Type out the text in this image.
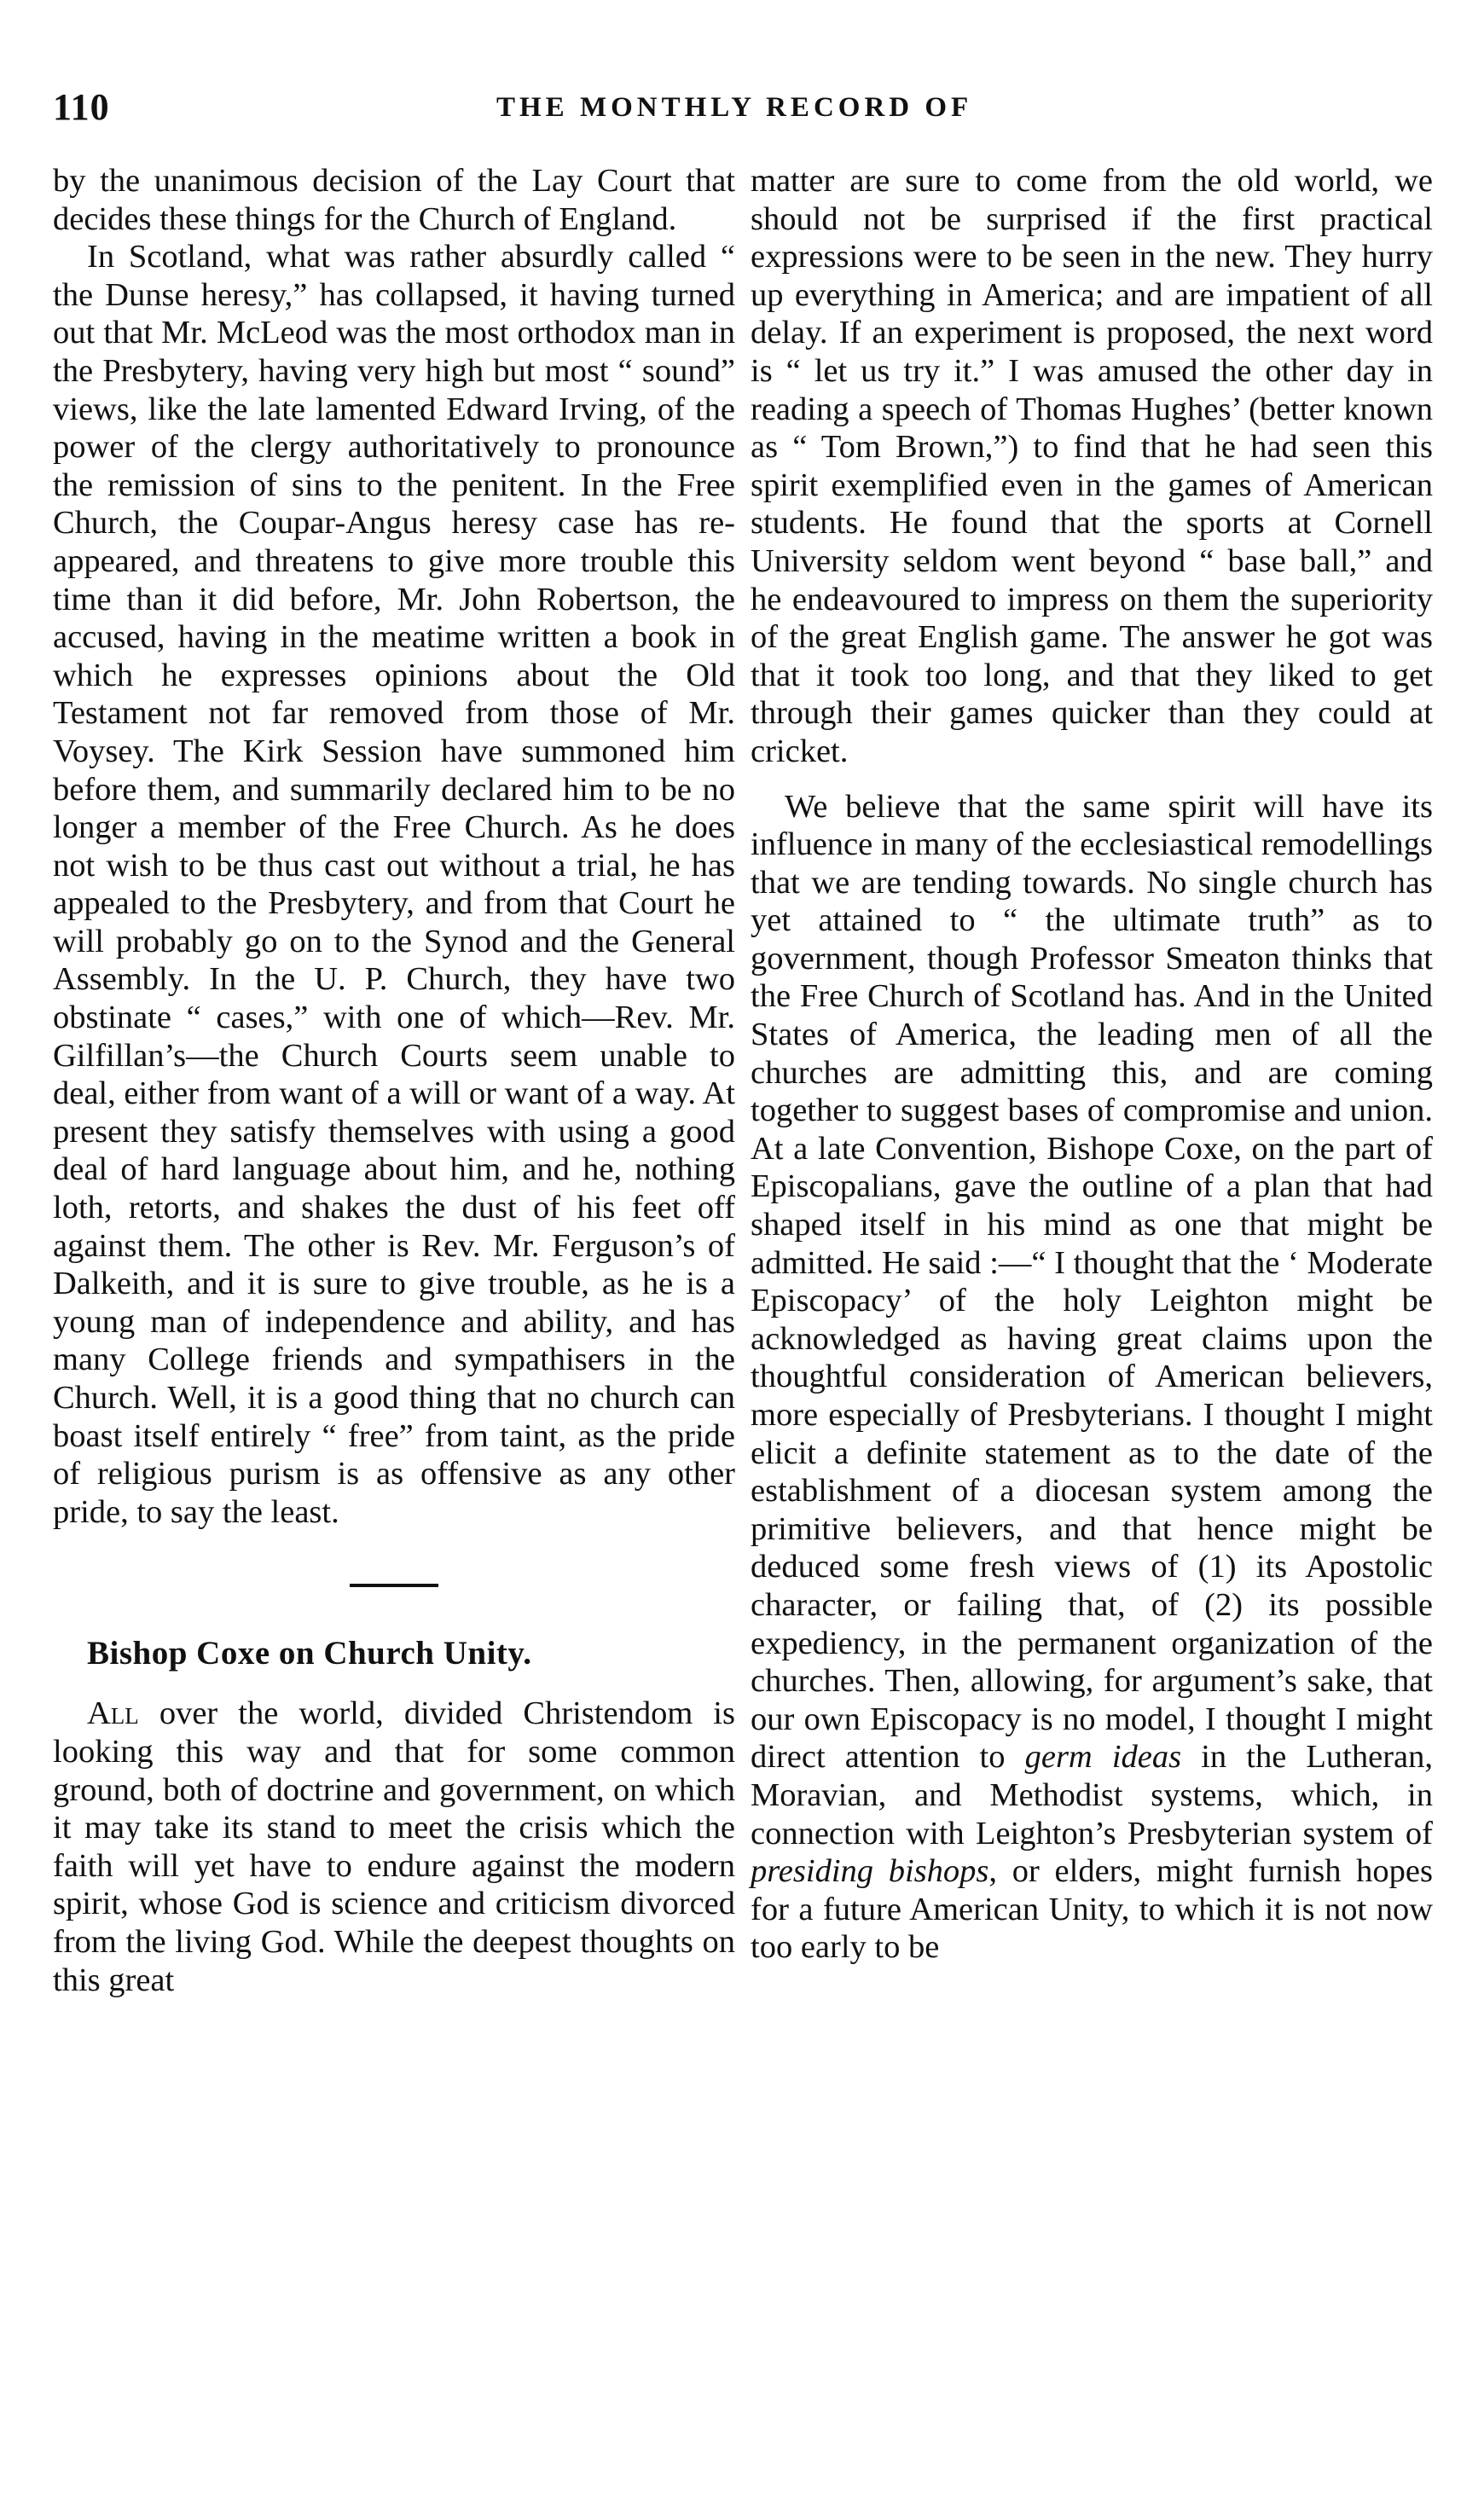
110	THE MONTHLY RECORD OF

by the unanimous decision of the Lay Court that decides these things for the Church of England.

In Scotland, what was rather absurdly called “ the Dunse heresy,” has collapsed, it having turned out that Mr. McLeod was the most orthodox man in the Presbytery, having very high but most “ sound” views, like the late lamented Edward Irving, of the power of the clergy authoritatively to pronounce the remission of sins to the penitent. In the Free Church, the Coupar-Angus heresy case has re-appeared, and threatens to give more trouble this time than it did before, Mr. John Robertson, the accused, having in the meatime written a book in which he expresses opinions about the Old Testament not far removed from those of Mr. Voysey. The Kirk Session have summoned him before them, and summarily declared him to be no longer a member of the Free Church. As he does not wish to be thus cast out without a trial, he has appealed to the Presbytery, and from that Court he will probably go on to the Synod and the General Assembly. In the U. P. Church, they have two obstinate “ cases,” with one of which—Rev. Mr. Gilfillan’s—the Church Courts seem unable to deal, either from want of a will or want of a way. At present they satisfy themselves with using a good deal of hard language about him, and he, nothing loth, retorts, and shakes the dust of his feet off against them. The other is Rev. Mr. Ferguson’s of Dalkeith, and it is sure to give trouble, as he is a young man of independence and ability, and has many College friends and sympathisers in the Church. Well, it is a good thing that no church can boast itself entirely “ free” from taint, as the pride of religious purism is as offensive as any other pride, to say the least.

Bishop Coxe on Church Unity.

All over the world, divided Christendom is looking this way and that for some common ground, both of doctrine and government, on which it may take its stand to meet the crisis which the faith will yet have to endure against the modern spirit, whose God is science and criticism divorced from the living God. While the deepest thoughts on this great

matter are sure to come from the old world, we should not be surprised if the first practical expressions were to be seen in the new. They hurry up everything in America; and are impatient of all delay. If an experiment is proposed, the next word is “ let us try it.” I was amused the other day in reading a speech of Thomas Hughes’ (better known as “ Tom Brown,”) to find that he had seen this spirit exemplified even in the games of American students. He found that the sports at Cornell University seldom went beyond “ base ball,” and he endeavoured to impress on them the superiority of the great English game. The answer he got was that it took too long, and that they liked to get through their games quicker than they could at cricket.

We believe that the same spirit will have its influence in many of the ecclesiastical remodellings that we are tending towards. No single church has yet attained to “ the ultimate truth” as to government, though Professor Smeaton thinks that the Free Church of Scotland has. And in the United States of America, the leading men of all the churches are admitting this, and are coming together to suggest bases of compromise and union. At a late Convention, Bishope Coxe, on the part of Episcopalians, gave the outline of a plan that had shaped itself in his mind as one that might be admitted. He said :—“ I thought that the ‘ Moderate Episcopacy’ of the holy Leighton might be acknowledged as having great claims upon the thoughtful consideration of American believers, more especially of Presbyterians. I thought I might elicit a definite statement as to the date of the establishment of a diocesan system among the primitive believers, and that hence might be deduced some fresh views of (1) its Apostolic character, or failing that, of (2) its possible expediency, in the permanent organization of the churches. Then, allowing, for argument’s sake, that our own Episcopacy is no model, I thought I might direct attention to germ ideas in the Lutheran, Moravian, and Methodist systems, which, in connection with Leighton’s Presbyterian system of presiding bishops, or elders, might furnish hopes for a future American Unity, to which it is not now too early to be
